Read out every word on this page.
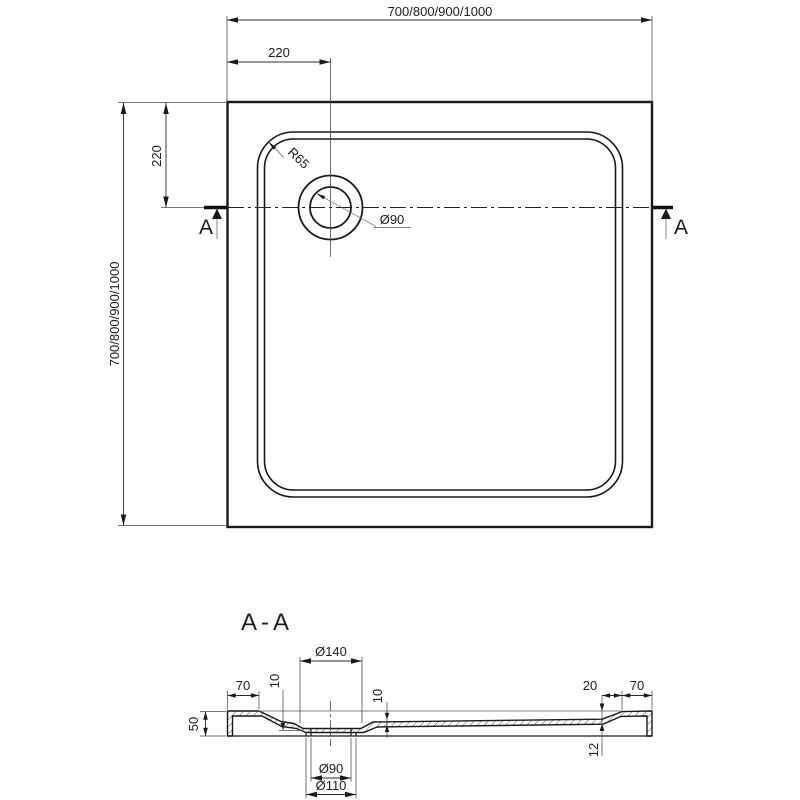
700/800/900/1000
220
700/800/900/1000
220	R65
Ø90
A	A
A-A
Ø140
70 10
10
20	70
50
12
Ø90
Ø110
